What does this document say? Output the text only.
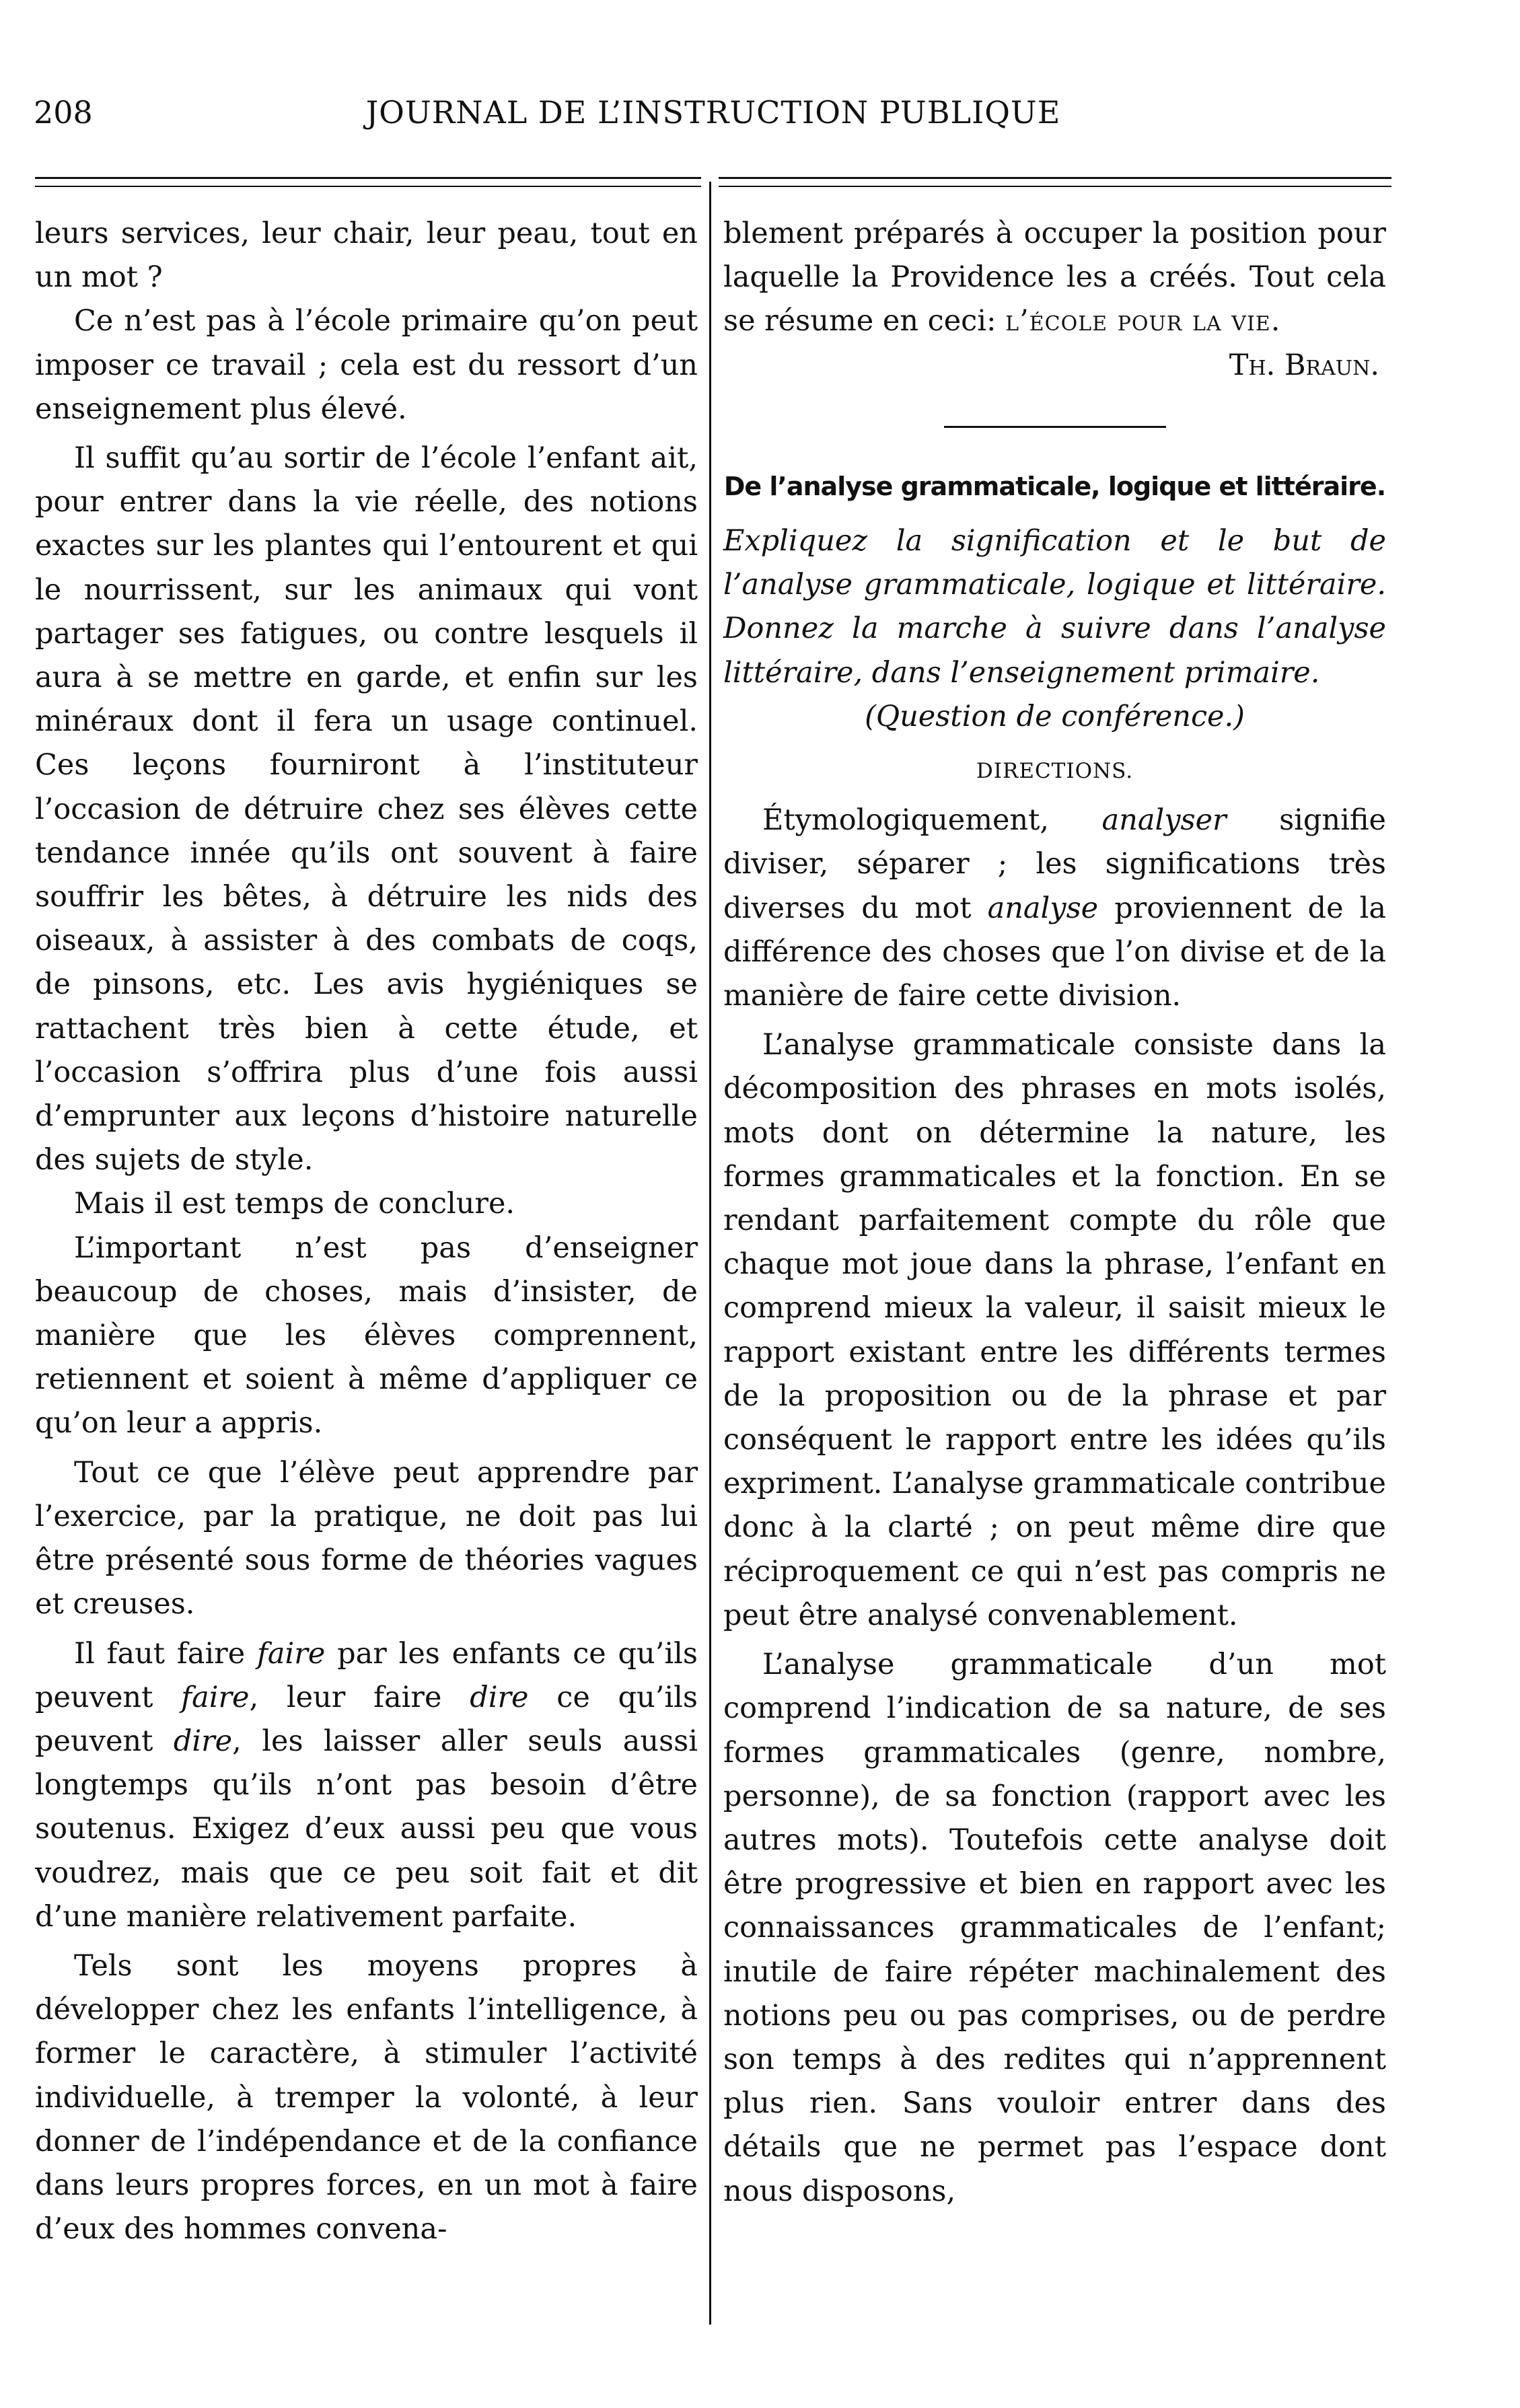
208	JOURNAL DE L’INSTRUCTION PUBLIQUE

leurs services, leur chair, leur peau, tout en un mot ?

Ce n’est pas à l’école primaire qu’on peut imposer ce travail ; cela est du ressort d’un enseignement plus élevé.

Il suffit qu’au sortir de l’école l’enfant ait, pour entrer dans la vie réelle, des notions exactes sur les plantes qui l’entourent et qui le nourrissent, sur les animaux qui vont partager ses fatigues, ou contre lesquels il aura à se mettre en garde, et enfin sur les minéraux dont il fera un usage continuel. Ces leçons fourniront à l’instituteur l’occasion de détruire chez ses élèves cette tendance innée qu’ils ont souvent à faire souffrir les bêtes, à détruire les nids des oiseaux, à assister à des combats de coqs, de pinsons, etc. Les avis hygiéniques se rattachent très bien à cette étude, et l’occasion s’offrira plus d’une fois aussi d’emprunter aux leçons d’histoire naturelle des sujets de style.

Mais il est temps de conclure.

L’important n’est pas d’enseigner beaucoup de choses, mais d’insister, de manière que les élèves comprennent, retiennent et soient à même d’appliquer ce qu’on leur a appris.

Tout ce que l’élève peut apprendre par l’exercice, par la pratique, ne doit pas lui être présenté sous forme de théories vagues et creuses.

Il faut faire faire par les enfants ce qu’ils peuvent faire, leur faire dire ce qu’ils peuvent dire, les laisser aller seuls aussi longtemps qu’ils n’ont pas besoin d’être soutenus. Exigez d’eux aussi peu que vous voudrez, mais que ce peu soit fait et dit d’une manière relativement parfaite.

Tels sont les moyens propres à développer chez les enfants l’intelligence, à former le caractère, à stimuler l’activité individuelle, à tremper la volonté, à leur donner de l’indépendance et de la confiance dans leurs propres forces, en un mot à faire d’eux des hommes convena-

blement préparés à occuper la position pour laquelle la Providence les a créés. Tout cela se résume en ceci: l’école pour la vie.

Th. Braun.

De l’analyse grammaticale, logique et littéraire.

Expliquez la signification et le but de l’analyse grammaticale, logique et littéraire. Donnez la marche à suivre dans l’analyse littéraire, dans l’enseignement primaire.

(Question de conférence.)

DIRECTIONS.

Étymologiquement, analyser signifie diviser, séparer ; les significations très diverses du mot analyse proviennent de la différence des choses que l’on divise et de la manière de faire cette division.

L’analyse grammaticale consiste dans la décomposition des phrases en mots isolés, mots dont on détermine la nature, les formes grammaticales et la fonction. En se rendant parfaitement compte du rôle que chaque mot joue dans la phrase, l’enfant en comprend mieux la valeur, il saisit mieux le rapport existant entre les différents termes de la proposition ou de la phrase et par conséquent le rapport entre les idées qu’ils expriment. L’analyse grammaticale contribue donc à la clarté ; on peut même dire que réciproquement ce qui n’est pas compris ne peut être analysé convenablement.

L’analyse grammaticale d’un mot comprend l’indication de sa nature, de ses formes grammaticales (genre, nombre, personne), de sa fonction (rapport avec les autres mots). Toutefois cette analyse doit être progressive et bien en rapport avec les connaissances grammaticales de l’enfant; inutile de faire répéter machinalement des notions peu ou pas comprises, ou de perdre son temps à des redites qui n’apprennent plus rien. Sans vouloir entrer dans des détails que ne permet pas l’espace dont nous disposons,
